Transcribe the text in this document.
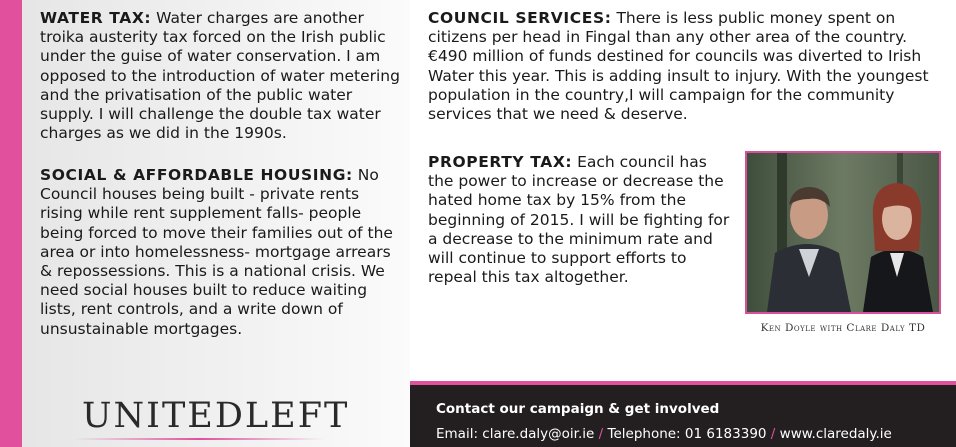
WATER TAX: Water charges are another troika austerity tax forced on the Irish public under the guise of water conservation. I am opposed to the introduction of water metering and the privatisation of the public water supply. I will challenge the double tax water charges as we did in the 1990s.
SOCIAL & AFFORDABLE HOUSING: No Council houses being built - private rents rising while rent supplement falls- people being forced to move their families out of the area or into homelessness- mortgage arrears & repossessions. This is a national crisis. We need social houses built to reduce waiting lists, rent controls, and a write down of unsustainable mortgages.
COUNCIL SERVICES: There is less public money spent on citizens per head in Fingal than any other area of the country. €490 million of funds destined for councils was diverted to Irish Water this year. This is adding insult to injury. With the youngest population in the country,I will campaign for the community services that we need & deserve.
PROPERTY TAX: Each council has the power to increase or decrease the hated home tax by 15% from the beginning of 2015. I will be fighting for a decrease to the minimum rate and will continue to support efforts to repeal this tax altogether.
Ken Doyle with Clare Daly TD
UNITEDLEFT	Contact our campaign & get involved
Email: clare.daly@oir.ie / Telephone: 01 6183390 / www.claredaly.ie
